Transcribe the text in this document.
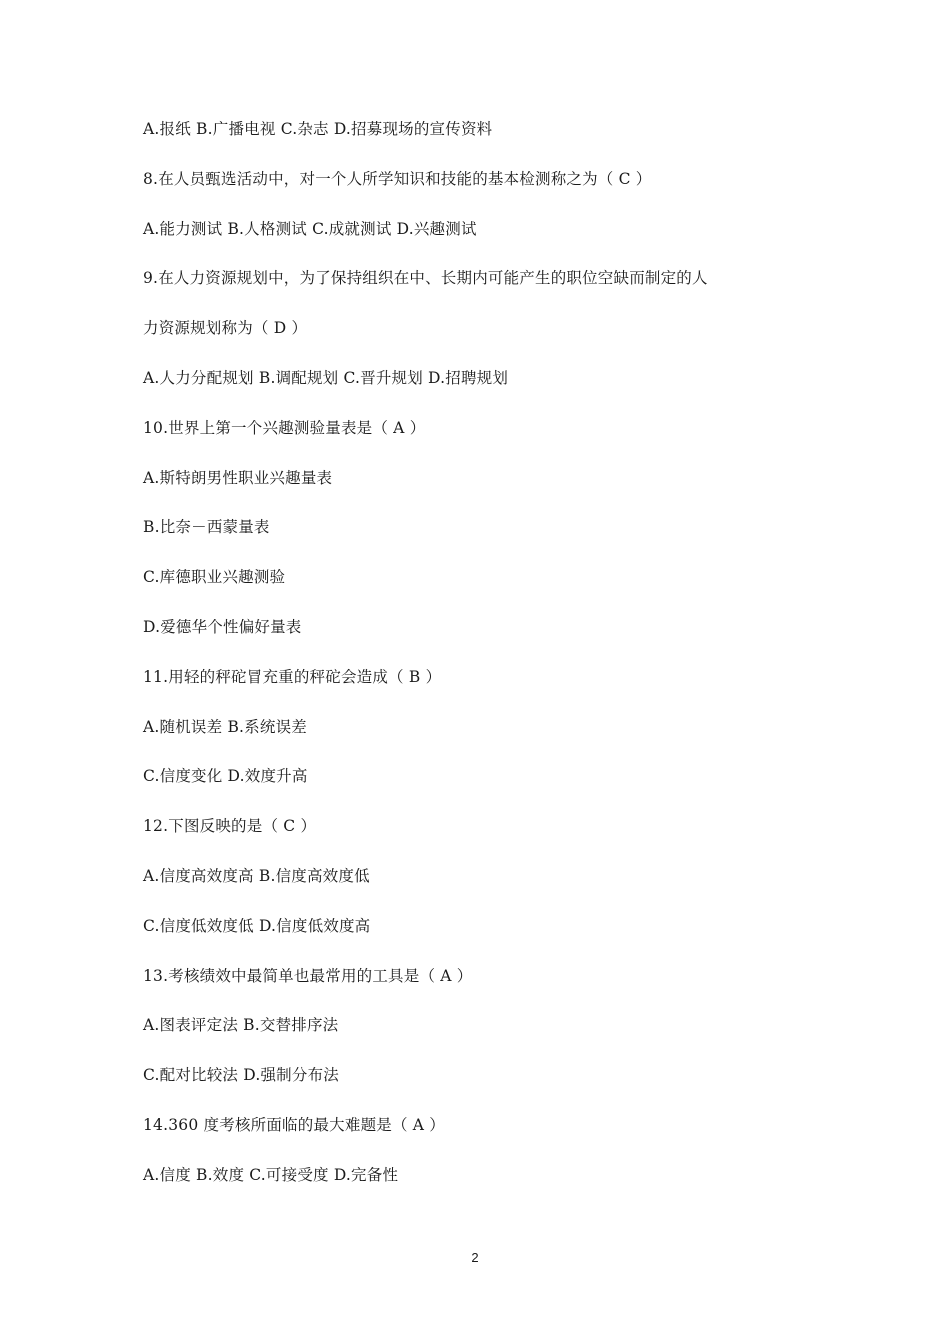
A.报纸 B.广播电视 C.杂志 D.招募现场的宣传资料
8.在人员甄选活动中，对一个人所学知识和技能的基本检测称之为（ C ）
A.能力测试 B.人格测试 C.成就测试 D.兴趣测试
9.在人力资源规划中，为了保持组织在中、长期内可能产生的职位空缺而制定的人
力资源规划称为（ D ）
A.人力分配规划 B.调配规划 C.晋升规划 D.招聘规划
10.世界上第一个兴趣测验量表是（ A ）
A.斯特朗男性职业兴趣量表
B.比奈－西蒙量表
C.库德职业兴趣测验
D.爱德华个性偏好量表
11.用轻的秤砣冒充重的秤砣会造成（ B ）
A.随机误差 B.系统误差
C.信度变化 D.效度升高
12.下图反映的是（ C ）
A.信度高效度高 B.信度高效度低
C.信度低效度低 D.信度低效度高
13.考核绩效中最简单也最常用的工具是（ A ）
A.图表评定法 B.交替排序法
C.配对比较法 D.强制分布法
14.360 度考核所面临的最大难题是（ A ）
A.信度 B.效度 C.可接受度 D.完备性
2
